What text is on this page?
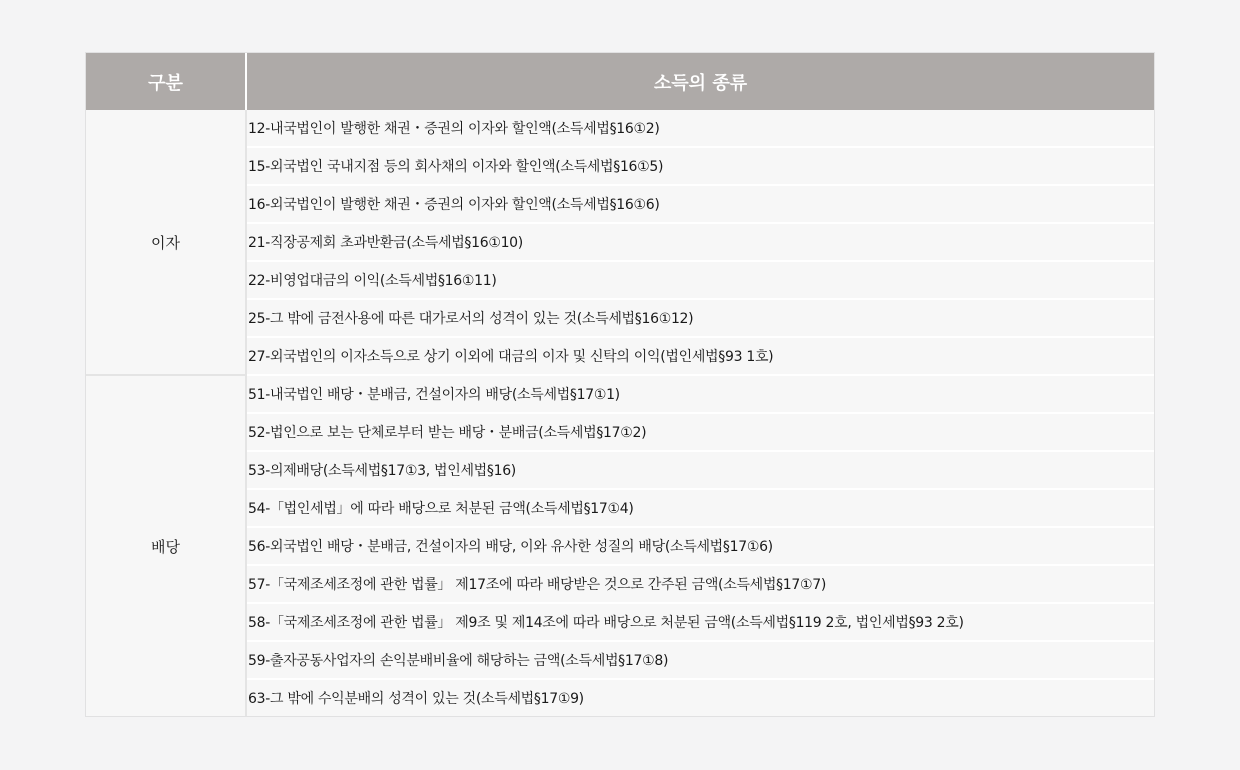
구분	소득의 종류
이자	12-내국법인이 발행한 채권・증권의 이자와 할인액(소득세법§16①2)
	15-외국법인 국내지점 등의 회사채의 이자와 할인액(소득세법§16①5)
	16-외국법인이 발행한 채권・증권의 이자와 할인액(소득세법§16①6)
	21-직장공제회 초과반환금(소득세법§16①10)
	22-비영업대금의 이익(소득세법§16①11)
	25-그 밖에 금전사용에 따른 대가로서의 성격이 있는 것(소득세법§16①12)
	27-외국법인의 이자소득으로 상기 이외에 대금의 이자 및 신탁의 이익(법인세법§93 1호)
배당	51-내국법인 배당・분배금, 건설이자의 배당(소득세법§17①1)
	52-법인으로 보는 단체로부터 받는 배당・분배금(소득세법§17①2)
	53-의제배당(소득세법§17①3, 법인세법§16)
	54-「법인세법」에 따라 배당으로 처분된 금액(소득세법§17①4)
	56-외국법인 배당・분배금, 건설이자의 배당, 이와 유사한 성질의 배당(소득세법§17①6)
	57-「국제조세조정에 관한 법률」 제17조에 따라 배당받은 것으로 간주된 금액(소득세법§17①7)
	58-「국제조세조정에 관한 법률」 제9조 및 제14조에 따라 배당으로 처분된 금액(소득세법§119 2호, 법인세법§93 2호)
	59-출자공동사업자의 손익분배비율에 해당하는 금액(소득세법§17①8)
	63-그 밖에 수익분배의 성격이 있는 것(소득세법§17①9)
